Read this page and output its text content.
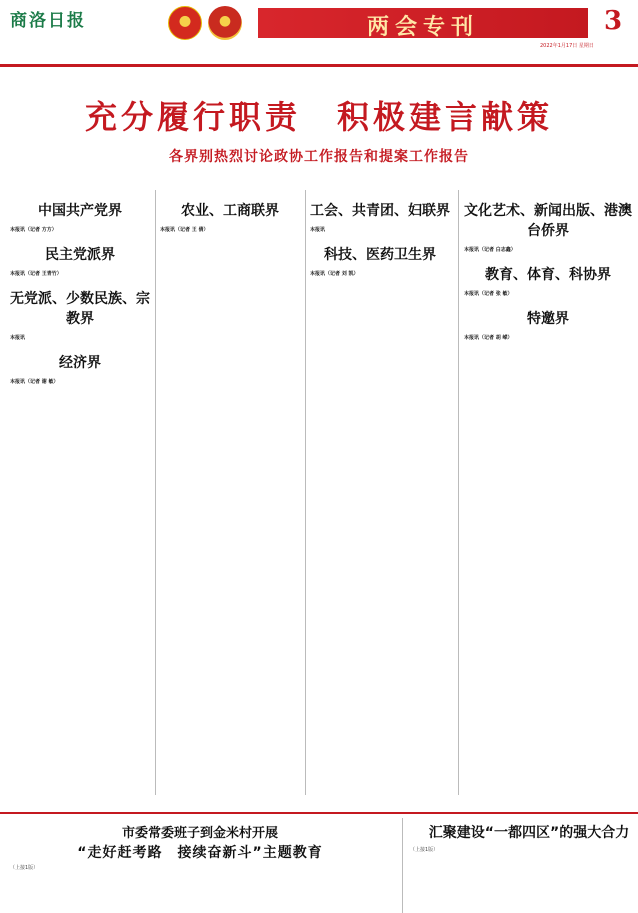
商洛日报	两会专刊	3
2022年1月17日 星期日
充分履行职责　积极建言献策
各界别热烈讨论政协工作报告和提案工作报告
中国共产党界
本报讯（记者 方方）
民主党派界
本报讯（记者 王青竹）
无党派、少数民族、宗教界
本报讯
经济界
本报讯（记者 谢 敏）
农业、工商联界
本报讯（记者 王 倩）
工会、共青团、妇联界
本报讯
科技、医药卫生界
本报讯（记者 刘 凯）
文化艺术、新闻出版、港澳台侨界
本报讯（记者 白志鑫）
教育、体育、科协界
本报讯（记者 张 敏）
特邀界
本报讯（记者 胡 嵘）
市委常委班子到金米村开展
“走好赶考路　接续奋新斗”主题教育
（上接1版）
汇聚建设“一都四区”的强大合力
（上接1版）
